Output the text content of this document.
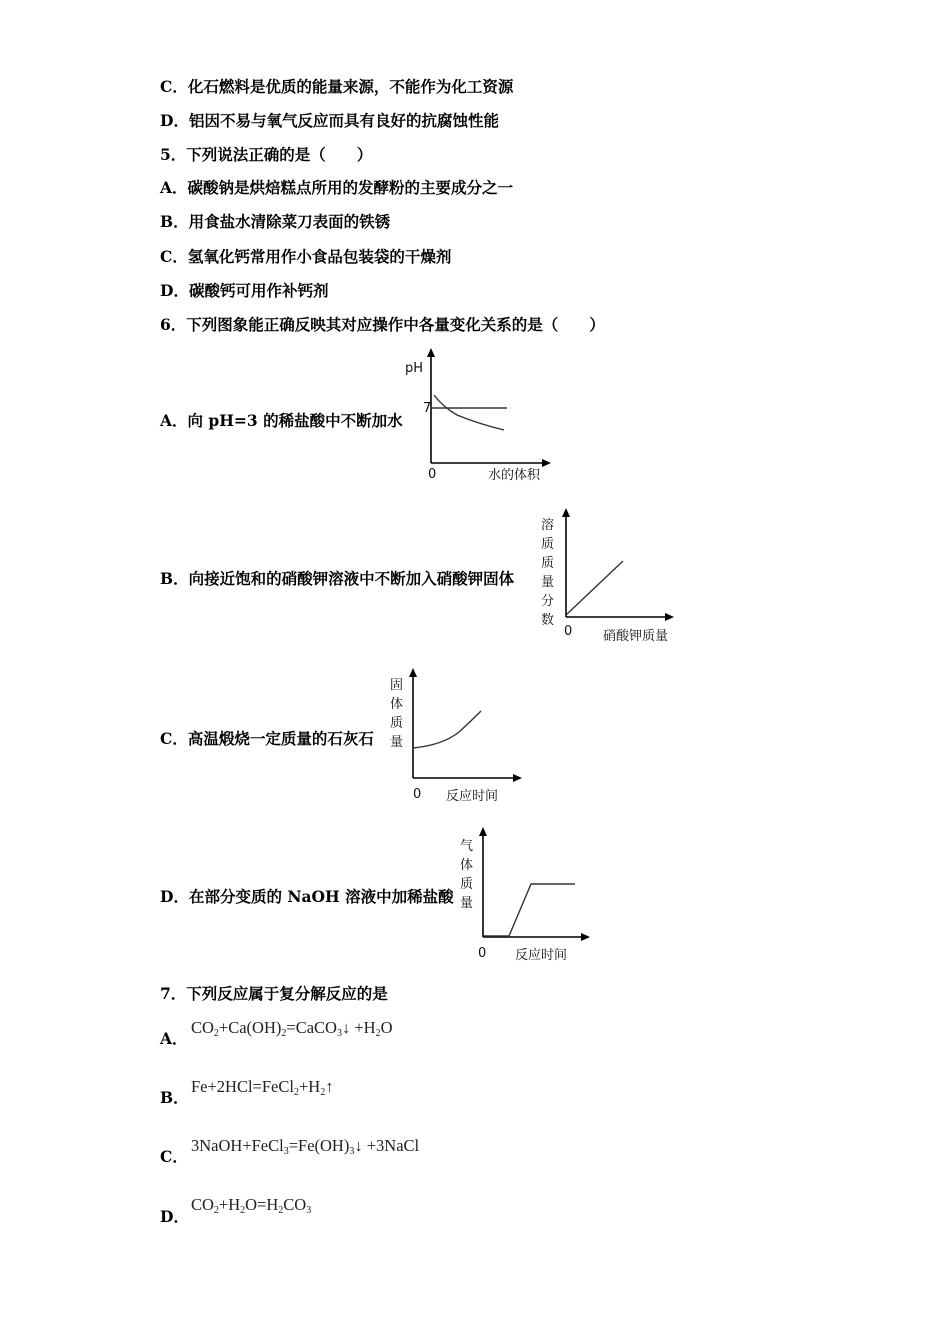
C．化石燃料是优质的能量来源，不能作为化工资源
D．铝因不易与氧气反应而具有良好的抗腐蚀性能
5．下列说法正确的是（　　）
A．碳酸钠是烘焙糕点所用的发酵粉的主要成分之一
B．用食盐水清除菜刀表面的铁锈
C．氢氧化钙常用作小食品包装袋的干燥剂
D．碳酸钙可用作补钙剂
6．下列图象能正确反映其对应操作中各量变化关系的是（　　）
A．向 pH=3 的稀盐酸中不断加水
pH
7
0	水的体积
B．向接近饱和的硝酸钾溶液中不断加入硝酸钾固体
溶
质
质
量
分
数
0 硝酸钾质量
C．高温煅烧一定质量的石灰石
固
体
质
量
0 反应时间
D．在部分变质的 NaOH 溶液中加稀盐酸
气
体
质
量
0 反应时间
7．下列反应属于复分解反应的是
A．
$CO_2+Ca(OH)_2=CaCO_3↓ +H_2O$
B．
$Fe+2HCl=FeCl_2+H_2↑$
C．
$3NaOH+FeCl_3=Fe(OH)_3↓$ +3NaCl
D．
$CO_2+H_2O=H_2CO_3$
